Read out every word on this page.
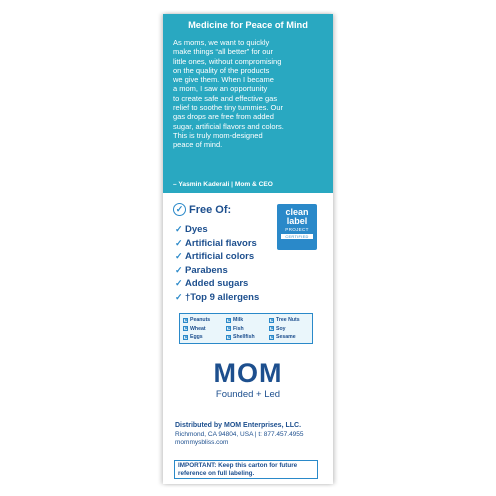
Medicine for Peace of Mind
As moms, we want to quickly
make things “all better” for our
little ones, without compromising
on the quality of the products
we give them. When I became
a mom, I saw an opportunity
to create safe and effective gas
relief to soothe tiny tummies. Our
gas drops are free from added
sugar, artificial flavors and colors.
This is truly mom-designed
peace of mind.
– Yasmin Kaderali | Mom & CEO
✓ Free Of:
✓ Dyes
✓ Artificial flavors
✓ Artificial colors
✓ Parabens
✓ Added sugars
✓ †Top 9 allergens
clean
label
PROJECT
CERTIFIED
✕ Peanuts	✕ Milk	✕ Tree Nuts
✕ Wheat	✕ Fish	✕ Soy
✕ Eggs	✕ Shellfish	✕ Sesame
MOM
Founded + Led
Distributed by MOM Enterprises, LLC.
Richmond, CA 94804, USA | t: 877.457.4955
mommysbliss.com
IMPORTANT: Keep this carton for future reference on full labeling.
